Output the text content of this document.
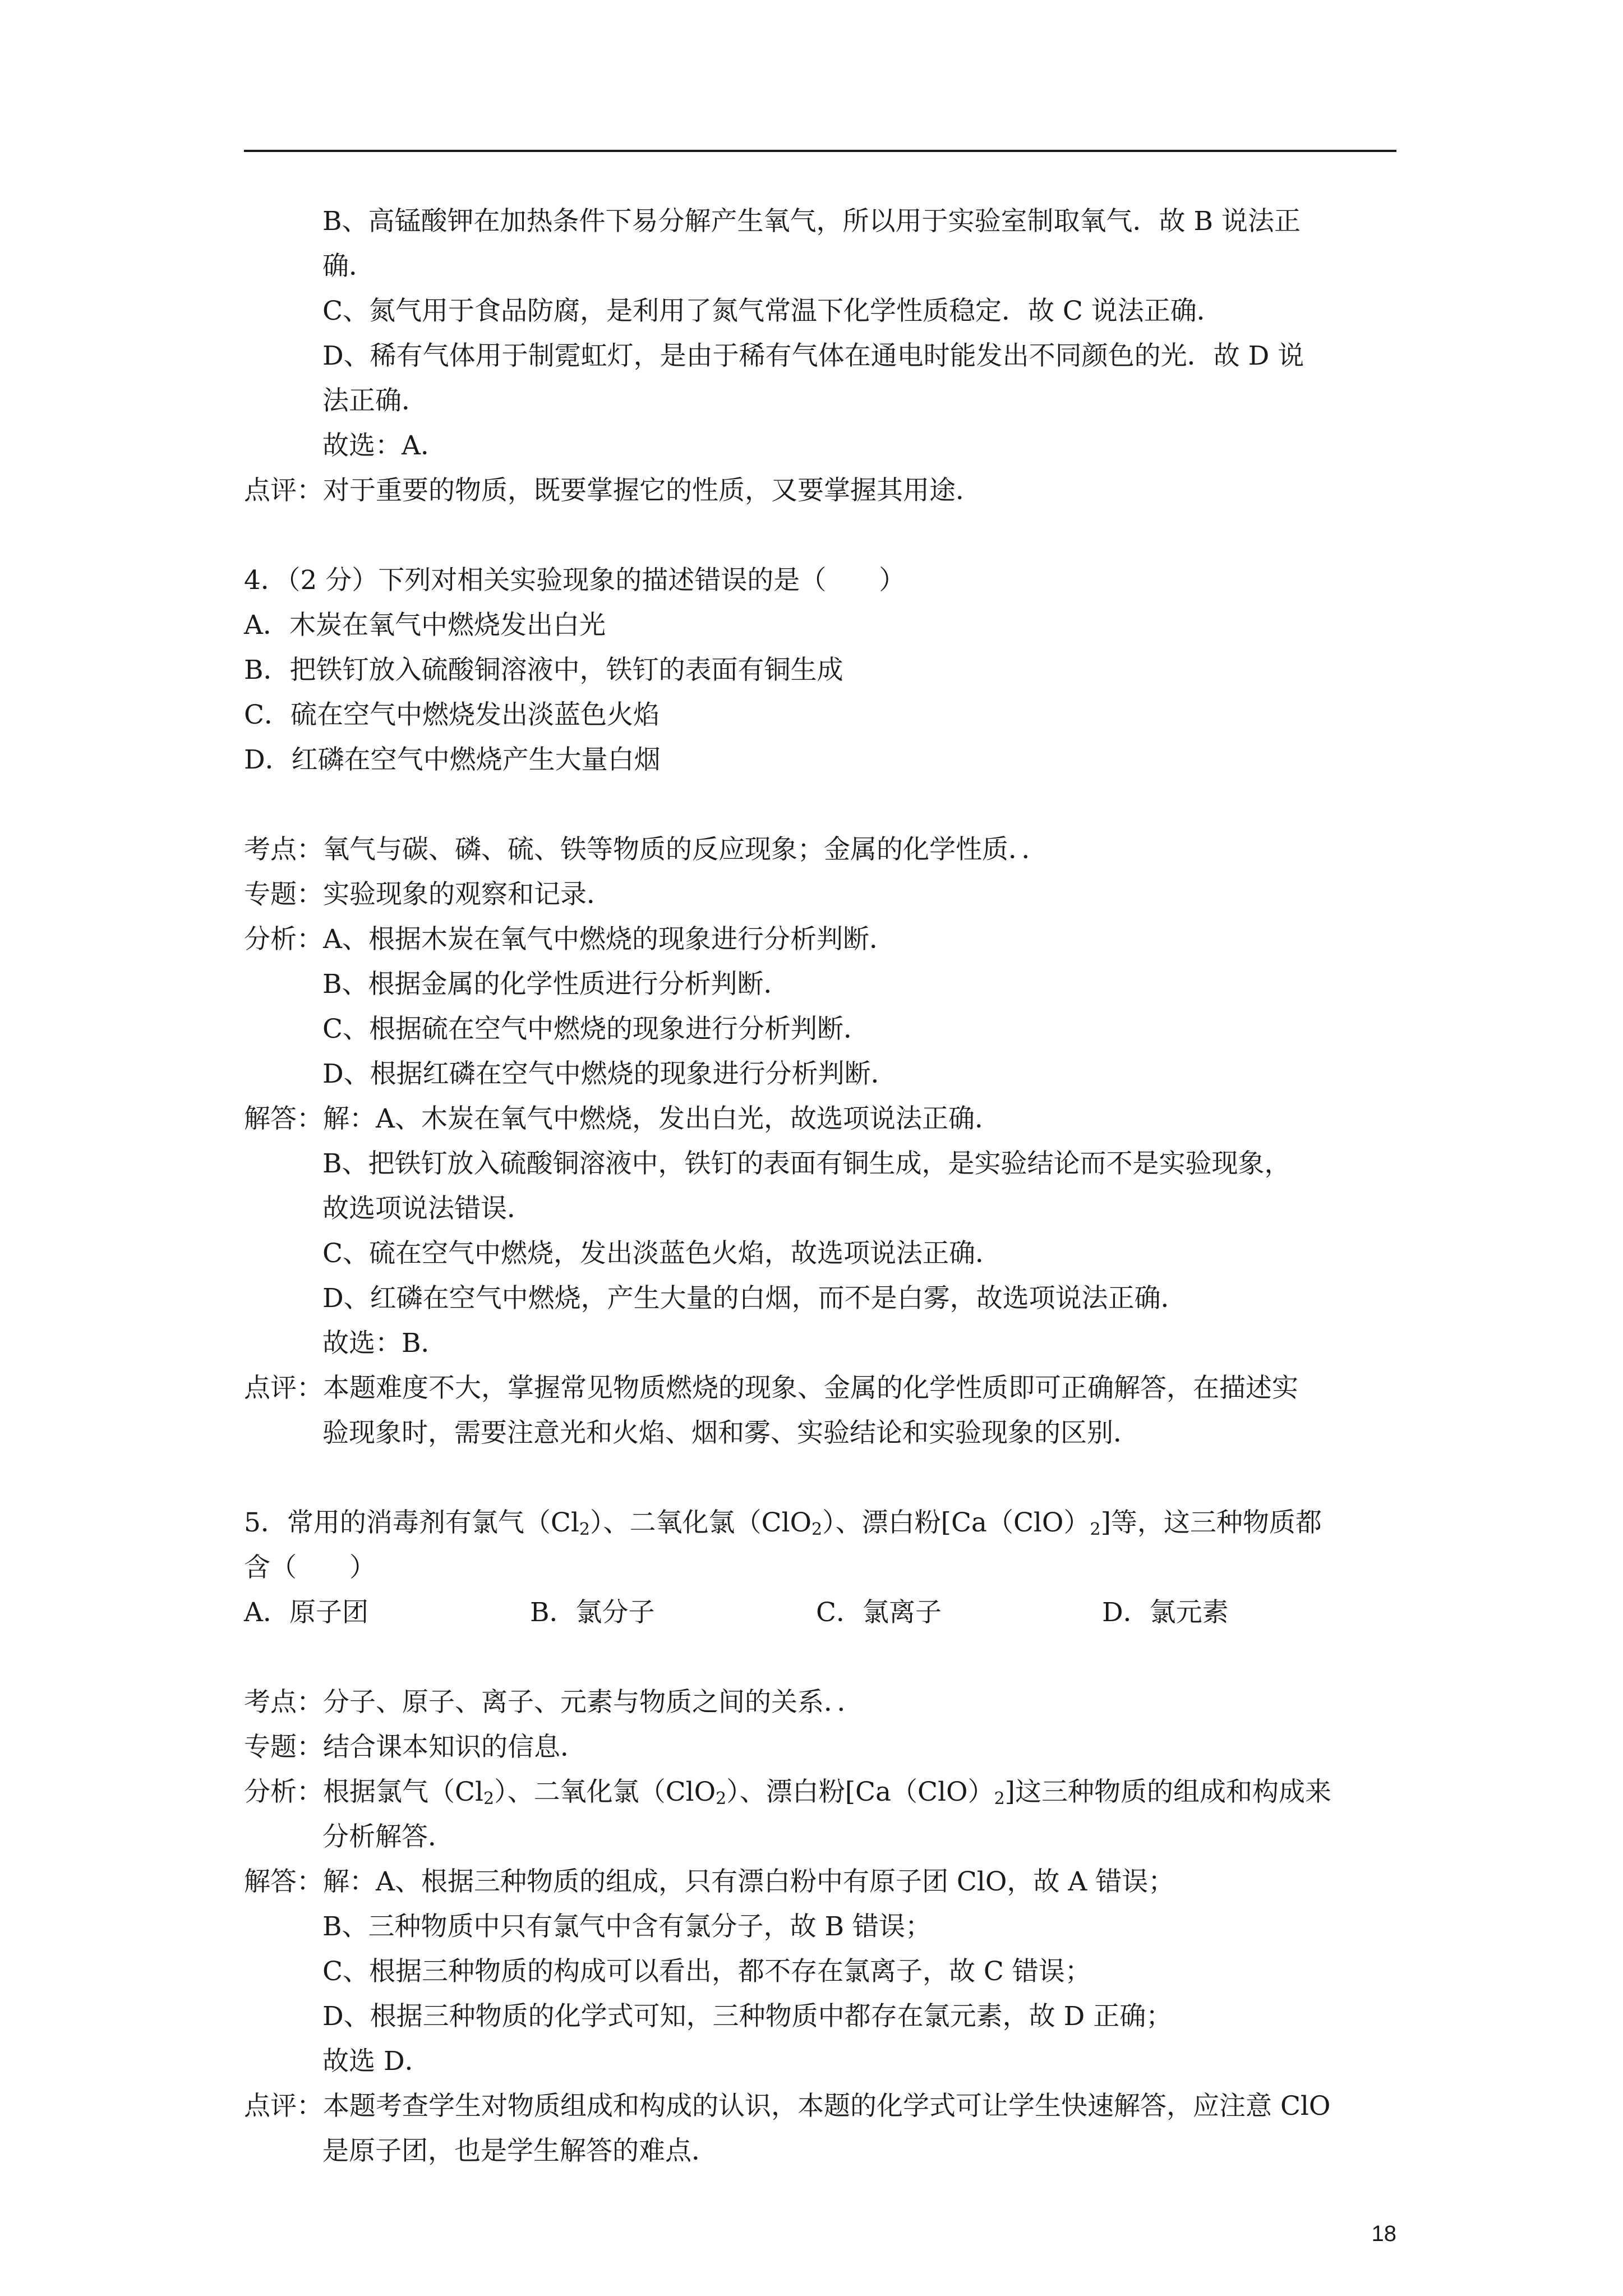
B、高锰酸钾在加热条件下易分解产生氧气，所以用于实验室制取氧气．故 B 说法正
确．
C、氮气用于食品防腐，是利用了氮气常温下化学性质稳定．故 C 说法正确．
D、稀有气体用于制霓虹灯，是由于稀有气体在通电时能发出不同颜色的光．故 D 说
法正确．
故选：A．
点评：对于重要的物质，既要掌握它的性质，又要掌握其用途．
4．（2 分）下列对相关实验现象的描述错误的是（　　）
A．木炭在氧气中燃烧发出白光
B．把铁钉放入硫酸铜溶液中，铁钉的表面有铜生成
C．硫在空气中燃烧发出淡蓝色火焰
D．红磷在空气中燃烧产生大量白烟
考点：氧气与碳、磷、硫、铁等物质的反应现象；金属的化学性质．．
专题：实验现象的观察和记录．
分析：A、根据木炭在氧气中燃烧的现象进行分析判断．
B、根据金属的化学性质进行分析判断．
C、根据硫在空气中燃烧的现象进行分析判断．
D、根据红磷在空气中燃烧的现象进行分析判断．
解答：解：A、木炭在氧气中燃烧，发出白光，故选项说法正确．
B、把铁钉放入硫酸铜溶液中，铁钉的表面有铜生成，是实验结论而不是实验现象，
故选项说法错误．
C、硫在空气中燃烧，发出淡蓝色火焰，故选项说法正确．
D、红磷在空气中燃烧，产生大量的白烟，而不是白雾，故选项说法正确．
故选：B．
点评：本题难度不大，掌握常见物质燃烧的现象、金属的化学性质即可正确解答，在描述实
验现象时，需要注意光和火焰、烟和雾、实验结论和实验现象的区别．
5．常用的消毒剂有氯气$(Cl_2)$、二氧化氯（ClO$_2$）、漂白粉$[Ca(ClO)_2]$等，这三种物质都
含（　　）
A．原子团	B．氯分子	C．氯离子	D．氯元素
考点：分子、原子、离子、元素与物质之间的关系．．
专题：结合课本知识的信息．
分析：根据氯气$(Cl_2)$、二氧化氯（ClO$_2$）、漂白粉$[Ca(ClO)_2]$这三种物质的组成和构成来
分析解答．
解答：解：A、根据三种物质的组成，只有漂白粉中有原子团 ClO，故 A 错误；
B、三种物质中只有氯气中含有氯分子，故 B 错误；
C、根据三种物质的构成可以看出，都不存在氯离子，故 C 错误；
D、根据三种物质的化学式可知，三种物质中都存在氯元素，故 D 正确；
故选 D．
点评：本题考查学生对物质组成和构成的认识，本题的化学式可让学生快速解答，应注意 ClO
是原子团，也是学生解答的难点．
18
